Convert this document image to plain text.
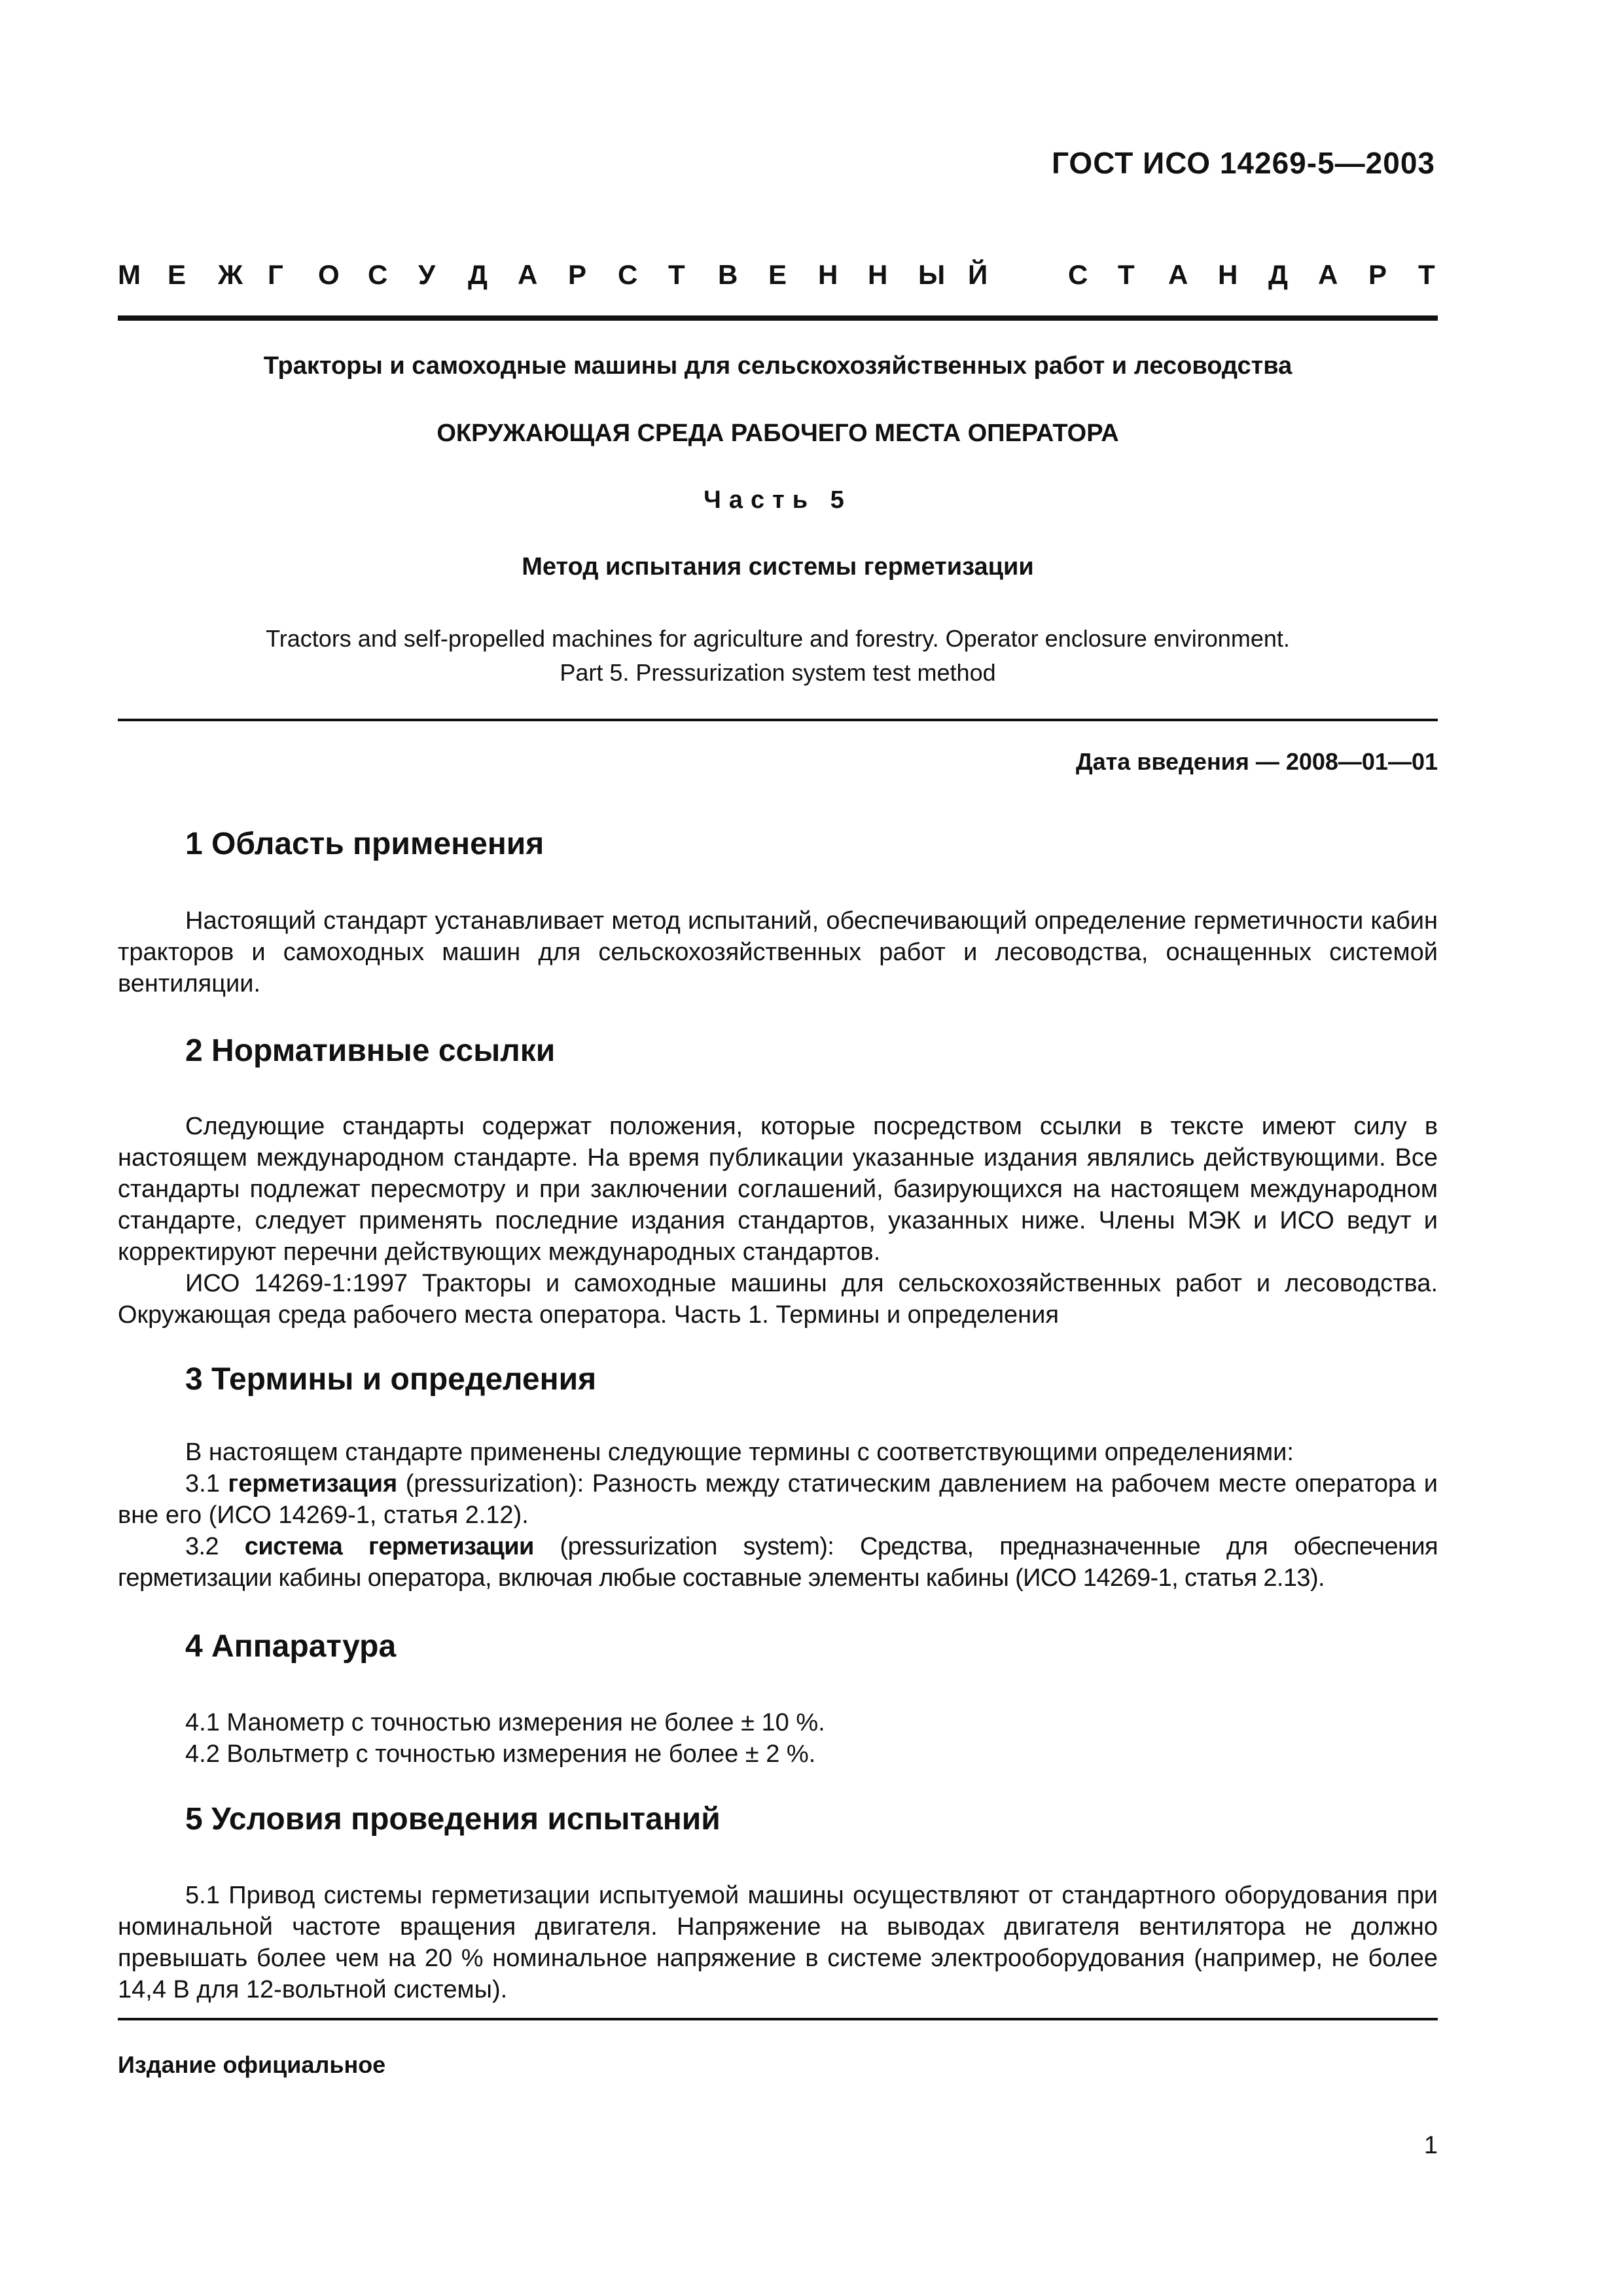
ГОСТ ИСО 14269-5—2003
М Е Ж Г О С У Д А Р С Т В Е Н Н Ы Й	С Т А Н Д А Р Т
Тракторы и самоходные машины для сельскохозяйственных работ и лесоводства
ОКРУЖАЮЩАЯ СРЕДА РАБОЧЕГО МЕСТА ОПЕРАТОРА
Часть 5
Метод испытания системы герметизации
Tractors and self-propelled machines for agriculture and forestry. Operator enclosure environment.
Part 5. Pressurization system test method
Дата введения — 2008—01—01
1 Область применения

Настоящий стандарт устанавливает метод испытаний, обеспечивающий определение герметичности кабин тракторов и самоходных машин для сельскохозяйственных работ и лесоводства, оснащенных системой вентиляции.

2 Нормативные ссылки

Следующие стандарты содержат положения, которые посредством ссылки в тексте имеют силу в настоящем международном стандарте. На время публикации указанные издания являлись действующими. Все стандарты подлежат пересмотру и при заключении соглашений, базирующихся на настоящем международном стандарте, следует применять последние издания стандартов, указанных ниже. Члены МЭК и ИСО ведут и корректируют перечни действующих международных стандартов.

ИСО 14269-1:1997 Тракторы и самоходные машины для сельскохозяйственных работ и лесоводства. Окружающая среда рабочего места оператора. Часть 1. Термины и определения

3 Термины и определения

В настоящем стандарте применены следующие термины с соответствующими определениями:

3.1 герметизация (pressurization): Разность между статическим давлением на рабочем месте оператора и вне его (ИСО 14269-1, статья 2.12).

3.2 система герметизации (pressurization system): Средства, предназначенные для обеспечения герметизации кабины оператора, включая любые составные элементы кабины (ИСО 14269-1, статья 2.13).

4 Аппаратура
4.1 Манометр с точностью измерения не более ± 10 %.
4.2 Вольтметр с точностью измерения не более ± 2 %.
5 Условия проведения испытаний

5.1 Привод системы герметизации испытуемой машины осуществляют от стандартного оборудования при номинальной частоте вращения двигателя. Напряжение на выводах двигателя вентилятора не должно превышать более чем на 20 % номинальное напряжение в системе электрооборудования (например, не более 14,4 В для 12-вольтной системы).

Издание официальное
1
